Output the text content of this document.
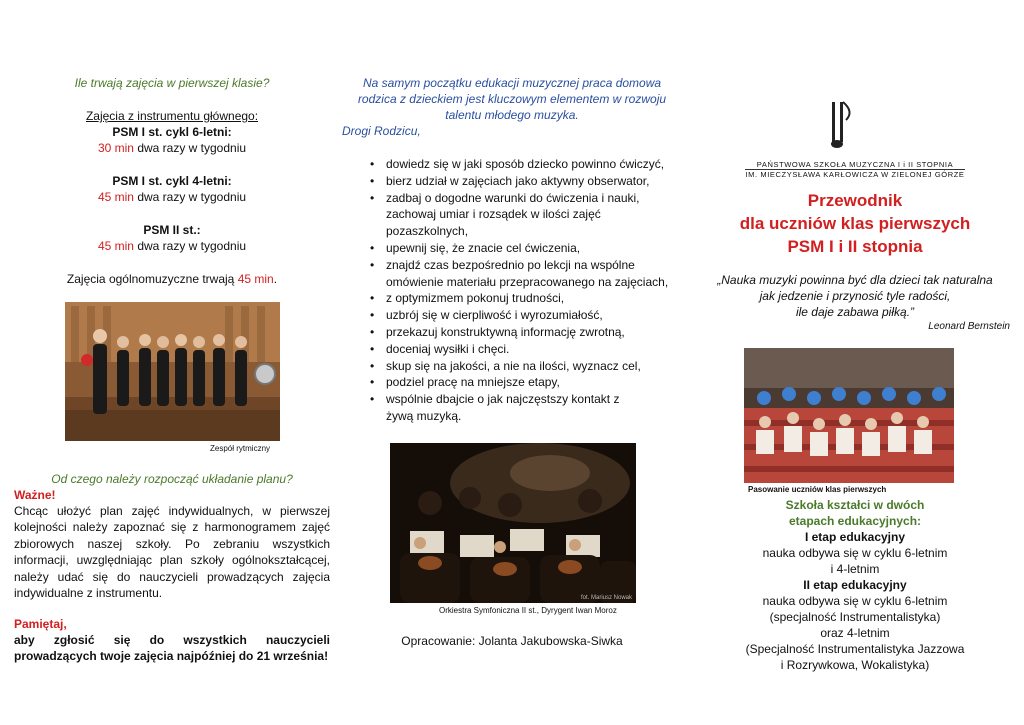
Ile trwają zajęcia w pierwszej klasie?
Zajęcia z instrumentu głównego:
PSM I st. cykl 6-letni:
30 min dwa razy w tygodniu
PSM I st. cykl 4-letni:
45 min dwa razy w tygodniu
PSM II st.:
45 min dwa razy w tygodniu
Zajęcia ogólnomuzyczne trwają 45 min.
Zespół rytmiczny
Od czego należy rozpocząć układanie planu?
Ważne!
Chcąc ułożyć plan zajęć indywidualnych, w pierwszej kolejności należy zapoznać się z harmonogramem zajęć zbiorowych naszej szkoły. Po zebraniu wszystkich informacji, uwzględniając plan szkoły ogólnokształcącej, należy udać się do nauczycieli prowadzących zajęcia indywidualne z instrumentu.
Pamiętaj,
aby zgłosić się do wszystkich nauczycieli prowadzących twoje zajęcia najpóźniej do 21 września!
Na samym początku edukacji muzycznej praca domowa
rodzica z dzieckiem jest kluczowym elementem w rozwoju
talentu młodego muzyka.
Drogi Rodzicu,
• dowiedz się w jaki sposób dziecko powinno ćwiczyć,
• bierz udział w zajęciach jako aktywny obserwator,
• zadbaj o dogodne warunki do ćwiczenia i nauki, zachowaj umiar i rozsądek w ilości zajęć pozaszkolnych,
• upewnij się, że znacie cel ćwiczenia,
• znajdź czas bezpośrednio po lekcji na wspólne omówienie materiału przepracowanego na zajęciach,
• z optymizmem pokonuj trudności,
• uzbrój się w cierpliwość i wyrozumiałość,
• przekazuj konstruktywną informację zwrotną,
• doceniaj wysiłki i chęci.
• skup się na jakości, a nie na ilości, wyznacz cel,
• podziel pracę na mniejsze etapy,
• wspólnie dbajcie o jak najczęstszy kontakt z żywą muzyką.
fot. Mariusz Nowak
Orkiestra Symfoniczna II st., Dyrygent Iwan Moroz
Opracowanie: Jolanta Jakubowska-Siwka
PAŃSTWOWA SZKOŁA MUZYCZNA I i II STOPNIA
IM. MIECZYSŁAWA KARŁOWICZA W ZIELONEJ GÓRZE
Przewodnik
dla uczniów klas pierwszych
PSM I i II stopnia
„Nauka muzyki powinna być dla dzieci tak naturalna
jak jedzenie i przynosić tyle radości,
ile daje zabawa piłką.”
Leonard Bernstein
Pasowanie uczniów klas pierwszych
Szkoła kształci w dwóch
etapach edukacyjnych:
I etap edukacyjny
nauka odbywa się w cyklu 6-letnim
i 4-letnim
II etap edukacyjny
nauka odbywa się w cyklu 6-letnim
(specjalność Instrumentalistyka)
oraz 4-letnim
(Specjalność Instrumentalistyka Jazzowa
i Rozrywkowa, Wokalistyka)
